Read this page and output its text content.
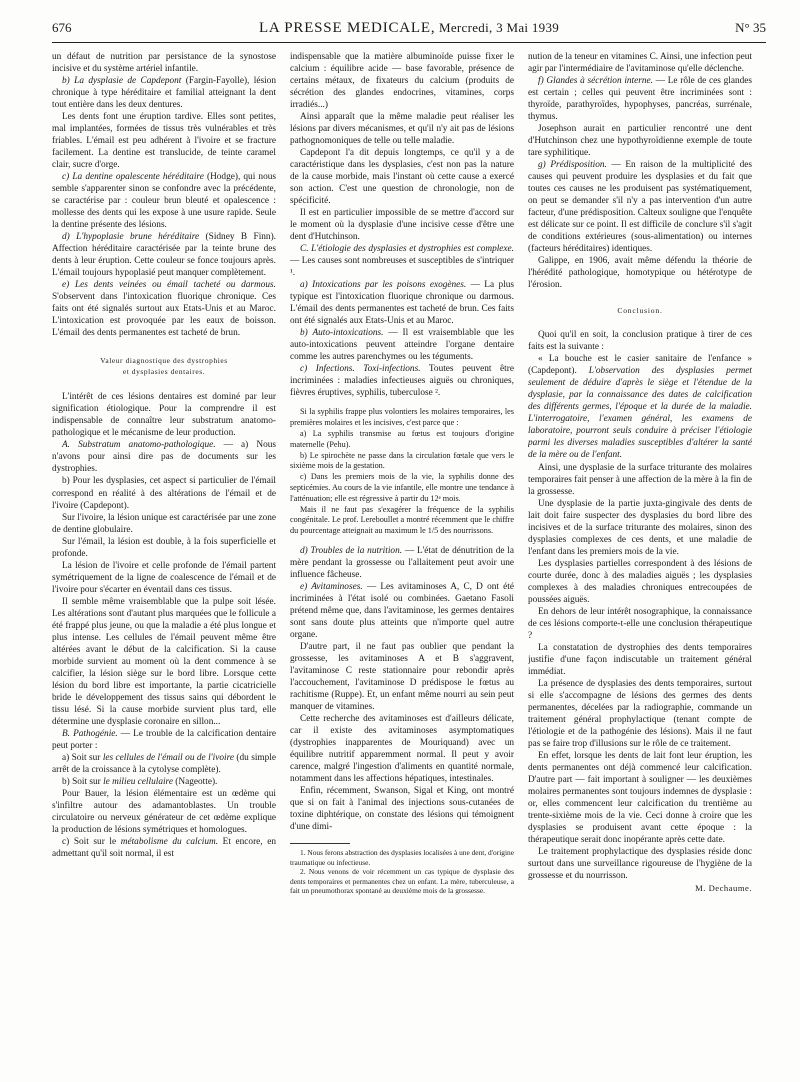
676	LA PRESSE MEDICALE, Mercredi, 3 Mai 1939	N° 35

un défaut de nutrition par persistance de la synostose incisive et du système artériel infantile.

b) La dysplasie de Capdepont (Fargin-Fayolle), lésion chronique à type héréditaire et familial atteignant la dent tout entière dans les deux dentures.

Les dents font une éruption tardive. Elles sont petites, mal implantées, formées de tissus très vulnérables et très friables. L'émail est peu adhérent à l'ivoire et se fracture facilement. La dentine est translucide, de teinte caramel clair, sucre d'orge.

c) La dentine opalescente héréditaire (Hodge), qui nous semble s'apparenter sinon se confondre avec la précédente, se caractérise par : couleur brun bleuté et opalescence : mollesse des dents qui les expose à une usure rapide. Seule la dentine présente des lésions.

d) L'hypoplasie brune héréditaire (Sidney B Finn). Affection héréditaire caractérisée par la teinte brune des dents à leur éruption. Cette couleur se fonce toujours après. L'émail toujours hypoplasié peut manquer complètement.

e) Les dents veinées ou émail tacheté ou darmous. S'observent dans l'intoxication fluorique chronique. Ces faits ont été signalés surtout aux Etats-Unis et au Maroc. L'intoxication est provoquée par les eaux de boisson. L'émail des dents permanentes est tacheté de brun.

Valeur diagnostique des dystrophies
et dysplasies dentaires.

L'intérêt de ces lésions dentaires est dominé par leur signification étiologique. Pour la comprendre il est indispensable de connaître leur substratum anatomo-pathologique et le mécanisme de leur production.

A. Substratum anatomo-pathologique. — a) Nous n'avons pour ainsi dire pas de documents sur les dystrophies.

b) Pour les dysplasies, cet aspect si particulier de l'émail correspond en réalité à des altérations de l'émail et de l'ivoire (Capdepont).

Sur l'ivoire, la lésion unique est caractérisée par une zone de dentine globulaire.

Sur l'émail, la lésion est double, à la fois superficielle et profonde.

La lésion de l'ivoire et celle profonde de l'émail partent symétriquement de la ligne de coalescence de l'émail et de l'ivoire pour s'écarter en éventail dans ces tissus.

Il semble même vraisemblable que la pulpe soit lésée. Les altérations sont d'autant plus marquées que le follicule a été frappé plus jeune, ou que la maladie a été plus longue et plus intense. Les cellules de l'émail peuvent même être altérées avant le début de la calcification. Si la cause morbide survient au moment où la dent commence à se calcifier, la lésion siège sur le bord libre. Lorsque cette lésion du bord libre est importante, la partie cicatricielle bride le développement des tissus sains qui débordent le tissu lésé. Si la cause morbide survient plus tard, elle détermine une dysplasie coronaire en sillon...

B. Pathogénie. — Le trouble de la calcification dentaire peut porter :

a) Soit sur les cellules de l'émail ou de l'ivoire (du simple arrêt de la croissance à la cytolyse complète).

b) Soit sur le milieu cellulaire (Nageotte).

Pour Bauer, la lésion élémentaire est un œdème qui s'infiltre autour des adamantoblastes. Un trouble circulatoire ou nerveux générateur de cet œdème explique la production de lésions symétriques et homologues.

c) Soit sur le métabolisme du calcium. Et encore, en admettant qu'il soit normal, il est

indispensable que la matière albuminoïde puisse fixer le calcium : équilibre acide — base favorable, présence de certains métaux, de fixateurs du calcium (produits de sécrétion des glandes endocrines, vitamines, corps irradiés...)

Ainsi apparaît que la même maladie peut réaliser les lésions par divers mécanismes, et qu'il n'y ait pas de lésions pathognomoniques de telle ou telle maladie.

Capdepont l'a dit depuis longtemps, ce qu'il y a de caractéristique dans les dysplasies, c'est non pas la nature de la cause morbide, mais l'instant où cette cause a exercé son action. C'est une question de chronologie, non de spécificité.

Il est en particulier impossible de se mettre d'accord sur le moment où la dysplasie d'une incisive cesse d'être une dent d'Hutchinson.

C. L'étiologie des dysplasies et dystrophies est complexe. — Les causes sont nombreuses et susceptibles de s'intriquer ¹.

a) Intoxications par les poisons exogènes. — La plus typique est l'intoxication fluorique chronique ou darmous. L'émail des dents permanentes est tacheté de brun. Ces faits ont été signalés aux Etats-Unis et au Maroc.

b) Auto-intoxications. — Il est vraisemblable que les auto-intoxications peuvent atteindre l'organe dentaire comme les autres parenchymes ou les téguments.

c) Infections. Toxi-infections. Toutes peuvent être incriminées : maladies infectieuses aiguës ou chroniques, fièvres éruptives, syphilis, tuberculose ².

Si la syphilis frappe plus volontiers les molaires temporaires, les premières molaires et les incisives, c'est parce que :

a) La syphilis transmise au fœtus est toujours d'origine maternelle (Pehu).

b) Le spirochète ne passe dans la circulation fœtale que vers le sixième mois de la gestation.

c) Dans les premiers mois de la vie, la syphilis donne des septicémies. Au cours de la vie infantile, elle montre une tendance à l'atténuation; elle est régressive à partir du 12ᵉ mois.

Mais il ne faut pas s'exagérer la fréquence de la syphilis congénitale. Le prof. Lereboullet a montré récemment que le chiffre du pourcentage atteignait au maximum le 1/5 des nourrissons.

d) Troubles de la nutrition. — L'état de dénutrition de la mère pendant la grossesse ou l'allaitement peut avoir une influence fâcheuse.

e) Avitaminoses. — Les avitaminoses A, C, D ont été incriminées à l'état isolé ou combinées. Gaetano Fasoli prétend même que, dans l'avitaminose, les germes dentaires sont sans doute plus atteints que n'importe quel autre organe.

D'autre part, il ne faut pas oublier que pendant la grossesse, les avitaminoses A et B s'aggravent, l'avitaminose C reste stationnaire pour rebondir après l'accouchement, l'avitaminose D prédispose le fœtus au rachitisme (Ruppe). Et, un enfant même nourri au sein peut manquer de vitamines.

Cette recherche des avitaminoses est d'ailleurs délicate, car il existe des avitaminoses asymptomatiques (dystrophies inapparentes de Mouriquand) avec un équilibre nutritif apparemment normal. Il peut y avoir carence, malgré l'ingestion d'aliments en quantité normale, notamment dans les affections hépatiques, intestinales.

Enfin, récemment, Swanson, Sigal et King, ont montré que si on fait à l'animal des injections sous-cutanées de toxine diphtérique, on constate des lésions qui témoignent d'une dimi-

1. Nous ferons abstraction des dysplasies localisées à une dent, d'origine traumatique ou infectieuse.

2. Nous venons de voir récemment un cas typique de dysplasie des dents temporaires et permanentes chez un enfant. La mère, tuberculeuse, a fait un pneumothorax spontané au deuxième mois de la grossesse.

nution de la teneur en vitamines C. Ainsi, une infection peut agir par l'intermédiaire de l'avitaminose qu'elle déclenche.

f) Glandes à sécrétion interne. — Le rôle de ces glandes est certain ; celles qui peuvent être incriminées sont : thyroïde, parathyroïdes, hypophyses, pancréas, surrénale, thymus.

Josephson aurait en particulier rencontré une dent d'Hutchinson chez une hypothyroïdienne exemple de toute tare syphilitique.

g) Prédisposition. — En raison de la multiplicité des causes qui peuvent produire les dysplasies et du fait que toutes ces causes ne les produisent pas systématiquement, on peut se demander s'il n'y a pas intervention d'un autre facteur, d'une prédisposition. Calteux souligne que l'enquête est délicate sur ce point. Il est difficile de conclure s'il s'agit de conditions extérieures (sous-alimentation) ou internes (facteurs héréditaires) identiques.

Galippe, en 1906, avait même défendu la théorie de l'hérédité pathologique, homotypique ou hétérotype de l'érosion.

Conclusion.

Quoi qu'il en soit, la conclusion pratique à tirer de ces faits est la suivante :

« La bouche est le casier sanitaire de l'enfance » (Capdepont). L'observation des dysplasies permet seulement de déduire d'après le siège et l'étendue de la dysplasie, par la connaissance des dates de calcification des différents germes, l'époque et la durée de la maladie. L'interrogatoire, l'examen général, les examens de laboratoire, pourront seuls conduire à préciser l'étiologie parmi les diverses maladies susceptibles d'altérer la santé de la mère ou de l'enfant.

Ainsi, une dysplasie de la surface triturante des molaires temporaires fait penser à une affection de la mère à la fin de la grossesse.

Une dysplasie de la partie juxta-gingivale des dents de lait doit faire suspecter des dysplasies du bord libre des incisives et de la surface triturante des molaires, sinon des dysplasies complexes de ces dents, et une maladie de l'enfant dans les premiers mois de la vie.

Les dysplasies partielles correspondent à des lésions de courte durée, donc à des maladies aiguës ; les dysplasies complexes à des maladies chroniques entrecoupées de poussées aiguës.

En dehors de leur intérêt nosographique, la connaissance de ces lésions comporte-t-elle une conclusion thérapeutique ?

La constatation de dystrophies des dents temporaires justifie d'une façon indiscutable un traitement général immédiat.

La présence de dysplasies des dents temporaires, surtout si elle s'accompagne de lésions des germes des dents permanentes, décelées par la radiographie, commande un traitement général prophylactique (tenant compte de l'étiologie et de la pathogénie des lésions). Mais il ne faut pas se faire trop d'illusions sur le rôle de ce traitement.

En effet, lorsque les dents de lait font leur éruption, les dents permanentes ont déjà commencé leur calcification. D'autre part — fait important à souligner — les deuxièmes molaires permanentes sont toujours indemnes de dysplasie : or, elles commencent leur calcification du trentième au trente-sixième mois de la vie. Ceci donne à croire que les dysplasies se produisent avant cette époque : la thérapeutique serait donc inopérante après cette date.

Le traitement prophylactique des dysplasies réside donc surtout dans une surveillance rigoureuse de l'hygiène de la grossesse et du nourrisson.

M. Dechaume.
